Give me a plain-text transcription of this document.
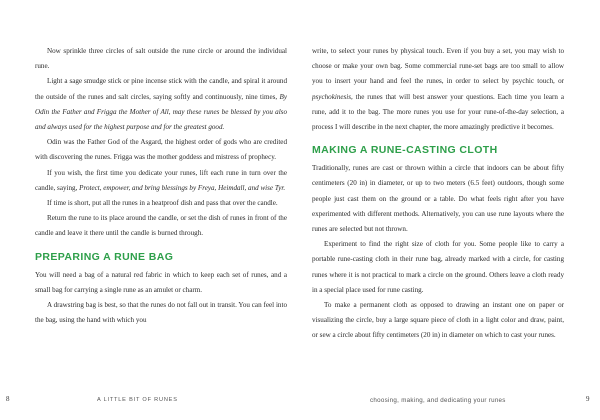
Now sprinkle three circles of salt outside the rune circle or around the individual rune.

Light a sage smudge stick or pine incense stick with the candle, and spiral it around the outside of the runes and salt circles, saying softly and continuously, nine times, By Odin the Father and Frigga the Mother of All, may these runes be blessed by you also and always used for the highest purpose and for the greatest good.

Odin was the Father God of the Asgard, the highest order of gods who are credited with discovering the runes. Frigga was the mother goddess and mistress of prophecy.

If you wish, the first time you dedicate your runes, lift each rune in turn over the candle, saying, Protect, empower, and bring blessings by Freya, Heimdall, and wise Tyr.

If time is short, put all the runes in a heatproof dish and pass that over the candle.

Return the rune to its place around the candle, or set the dish of runes in front of the candle and leave it there until the candle is burned through.

PREPARING A RUNE BAG

You will need a bag of a natural red fabric in which to keep each set of runes, and a small bag for carrying a single rune as an amulet or charm.

A drawstring bag is best, so that the runes do not fall out in transit. You can feel into the bag, using the hand with which you

8	A LITTLE BIT OF RUNES

write, to select your runes by physical touch. Even if you buy a set, you may wish to choose or make your own bag. Some commercial rune-set bags are too small to allow you to insert your hand and feel the runes, in order to select by psychic touch, or psychokinesis, the runes that will best answer your questions. Each time you learn a rune, add it to the bag. The more runes you use for your rune-of-the-day selection, a process I will describe in the next chapter, the more amazingly predictive it becomes.

MAKING A RUNE-CASTING CLOTH

Traditionally, runes are cast or thrown within a circle that indoors can be about fifty centimeters (20 in) in diameter, or up to two meters (6.5 feet) outdoors, though some people just cast them on the ground or a table. Do what feels right after you have experimented with different methods. Alternatively, you can use rune layouts where the runes are selected but not thrown.

Experiment to find the right size of cloth for you. Some people like to carry a portable rune-casting cloth in their rune bag, already marked with a circle, for casting runes where it is not practical to mark a circle on the ground. Others leave a cloth ready in a special place used for rune casting.

To make a permanent cloth as opposed to drawing an instant one on paper or visualizing the circle, buy a large square piece of cloth in a light color and draw, paint, or sew a circle about fifty centimeters (20 in) in diameter on which to cast your runes.

9
choosing, making, and dedicating your runes
